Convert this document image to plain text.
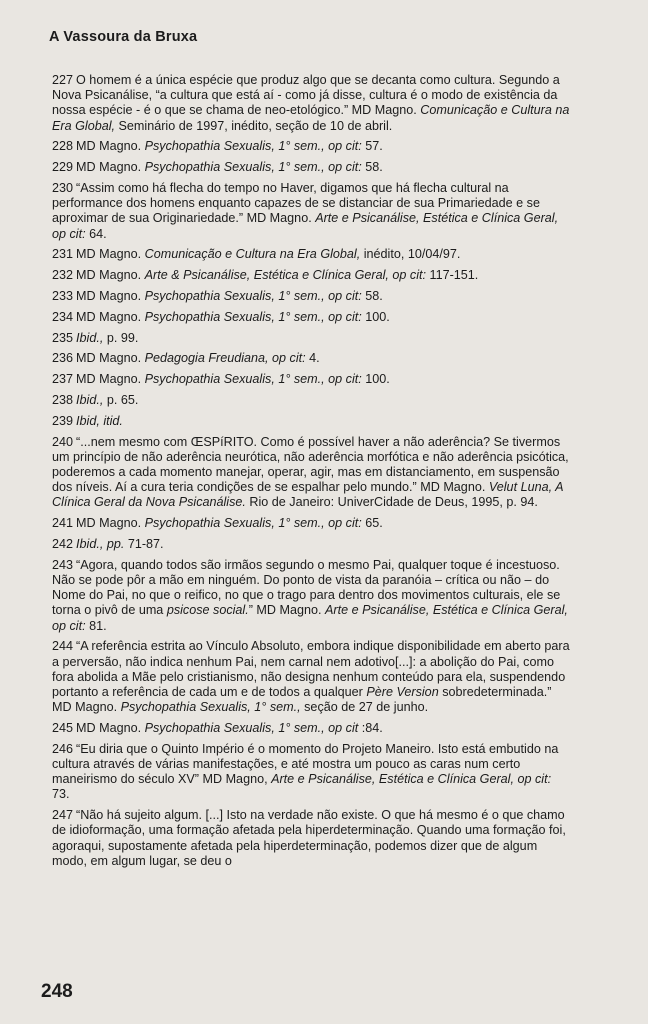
A Vassoura da Bruxa

227 O homem é a única espécie que produz algo que se decanta como cultura. Segundo a Nova Psicanálise, “a cultura que está aí - como já disse, cultura é o modo de existência da nossa espécie - é o que se chama de neo-etológico.” MD Magno. Comunicação e Cultura na Era Global, Seminário de 1997, inédito, seção de 10 de abril.

228 MD Magno. Psychopathia Sexualis, 1° sem., op cit: 57.

229 MD Magno. Psychopathia Sexualis, 1° sem., op cit: 58.

230 “Assim como há flecha do tempo no Haver, digamos que há flecha cultural na performance dos homens enquanto capazes de se distanciar de sua Primariedade e se aproximar de sua Originariedade.” MD Magno. Arte e Psicanálise, Estética e Clínica Geral, op cit: 64.

231 MD Magno. Comunicação e Cultura na Era Global, inédito, 10/04/97.

232 MD Magno. Arte & Psicanálise, Estética e Clínica Geral, op cit: 117-151.

233 MD Magno. Psychopathia Sexualis, 1° sem., op cit: 58.

234 MD Magno. Psychopathia Sexualis, 1° sem., op cit: 100.

235 Ibid., p. 99.

236 MD Magno. Pedagogia Freudiana, op cit: 4.

237 MD Magno. Psychopathia Sexualis, 1° sem., op cit: 100.

238 Ibid., p. 65.

239 Ibid, itid.

240 “...nem mesmo com ŒSPíRITO. Como é possível haver a não aderência? Se tivermos um princípio de não aderência neurótica, não aderência morfótica e não aderência psicótica, poderemos a cada momento manejar, operar, agir, mas em distanciamento, em suspensão dos níveis. Aí a cura teria condições de se espalhar pelo mundo.” MD Magno. Velut Luna, A Clínica Geral da Nova Psicanálise. Rio de Janeiro: UniverCidade de Deus, 1995, p. 94.

241 MD Magno. Psychopathia Sexualis, 1° sem., op cit: 65.

242 Ibid., pp. 71-87.

243 “Agora, quando todos são irmãos segundo o mesmo Pai, qualquer toque é incestuoso. Não se pode pôr a mão em ninguém. Do ponto de vista da paranóia – crítica ou não – do Nome do Pai, no que o reifico, no que o trago para dentro dos movimentos culturais, ele se torna o pivô de uma psicose social.” MD Magno. Arte e Psicanálise, Estética e Clínica Geral, op cit: 81.

244 “A referência estrita ao Vínculo Absoluto, embora indique disponibilidade em aberto para a perversão, não indica nenhum Pai, nem carnal nem adotivo[...]: a abolição do Pai, como fora abolida a Mãe pelo cristianismo, não designa nenhum conteúdo para ela, suspendendo portanto a referência de cada um e de todos a qualquer Père Version sobredeterminada.” MD Magno. Psychopathia Sexualis, 1° sem., seção de 27 de junho.

245 MD Magno. Psychopathia Sexualis, 1° sem., op cit :84.

246 “Eu diria que o Quinto Império é o momento do Projeto Maneiro. Isto está embutido na cultura através de várias manifestações, e até mostra um pouco as caras num certo maneirismo do século XV” MD Magno, Arte e Psicanálise, Estética e Clínica Geral, op cit: 73.

247 “Não há sujeito algum. [...] Isto na verdade não existe. O que há mesmo é o que chamo de idioformação, uma formação afetada pela hiperdeterminação. Quando uma formação foi, agoraqui, supostamente afetada pela hiperdeterminação, podemos dizer que de algum modo, em algum lugar, se deu o

248
